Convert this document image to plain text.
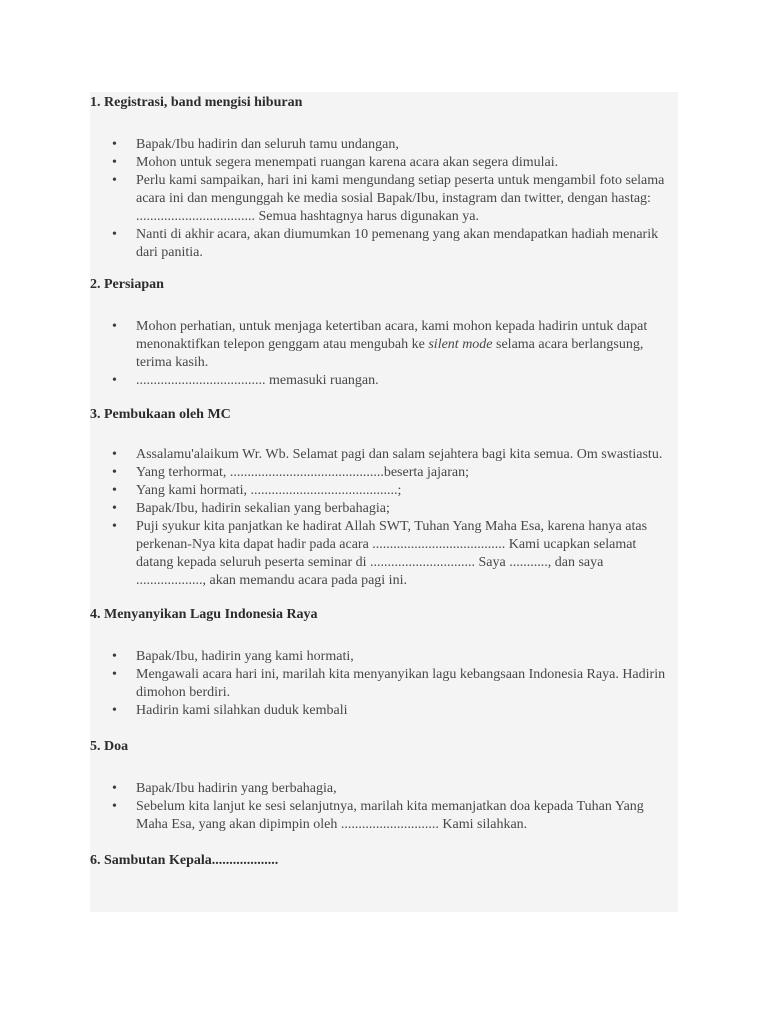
1. Registrasi, band mengisi hiburan
• Bapak/Ibu hadirin dan seluruh tamu undangan,
• Mohon untuk segera menempati ruangan karena acara akan segera dimulai.
• Perlu kami sampaikan, hari ini kami mengundang setiap peserta untuk mengambil foto selama acara ini dan mengunggah ke media sosial Bapak/Ibu, instagram dan twitter, dengan hastag: .................................. Semua hashtagnya harus digunakan ya.
• Nanti di akhir acara, akan diumumkan 10 pemenang yang akan mendapatkan hadiah menarik dari panitia.
2. Persiapan
• Mohon perhatian, untuk menjaga ketertiban acara, kami mohon kepada hadirin untuk dapat menonaktifkan telepon genggam atau mengubah ke silent mode selama acara berlangsung, terima kasih.
• ..................................... memasuki ruangan.
3. Pembukaan oleh MC
• Assalamu'alaikum Wr. Wb. Selamat pagi dan salam sejahtera bagi kita semua. Om swastiastu.
• Yang terhormat, ............................................beserta jajaran;
• Yang kami hormati, ..........................................;
• Bapak/Ibu, hadirin sekalian yang berbahagia;
• Puji syukur kita panjatkan ke hadirat Allah SWT, Tuhan Yang Maha Esa, karena hanya atas perkenan-Nya kita dapat hadir pada acara ...................................... Kami ucapkan selamat datang kepada seluruh peserta seminar di .............................. Saya ..........., dan saya ..................., akan memandu acara pada pagi ini.
4. Menyanyikan Lagu Indonesia Raya
• Bapak/Ibu, hadirin yang kami hormati,
• Mengawali acara hari ini, marilah kita menyanyikan lagu kebangsaan Indonesia Raya. Hadirin dimohon berdiri.
• Hadirin kami silahkan duduk kembali
5. Doa
• Bapak/Ibu hadirin yang berbahagia,
• Sebelum kita lanjut ke sesi selanjutnya, marilah kita memanjatkan doa kepada Tuhan Yang Maha Esa, yang akan dipimpin oleh ............................ Kami silahkan.
6. Sambutan Kepala...................
